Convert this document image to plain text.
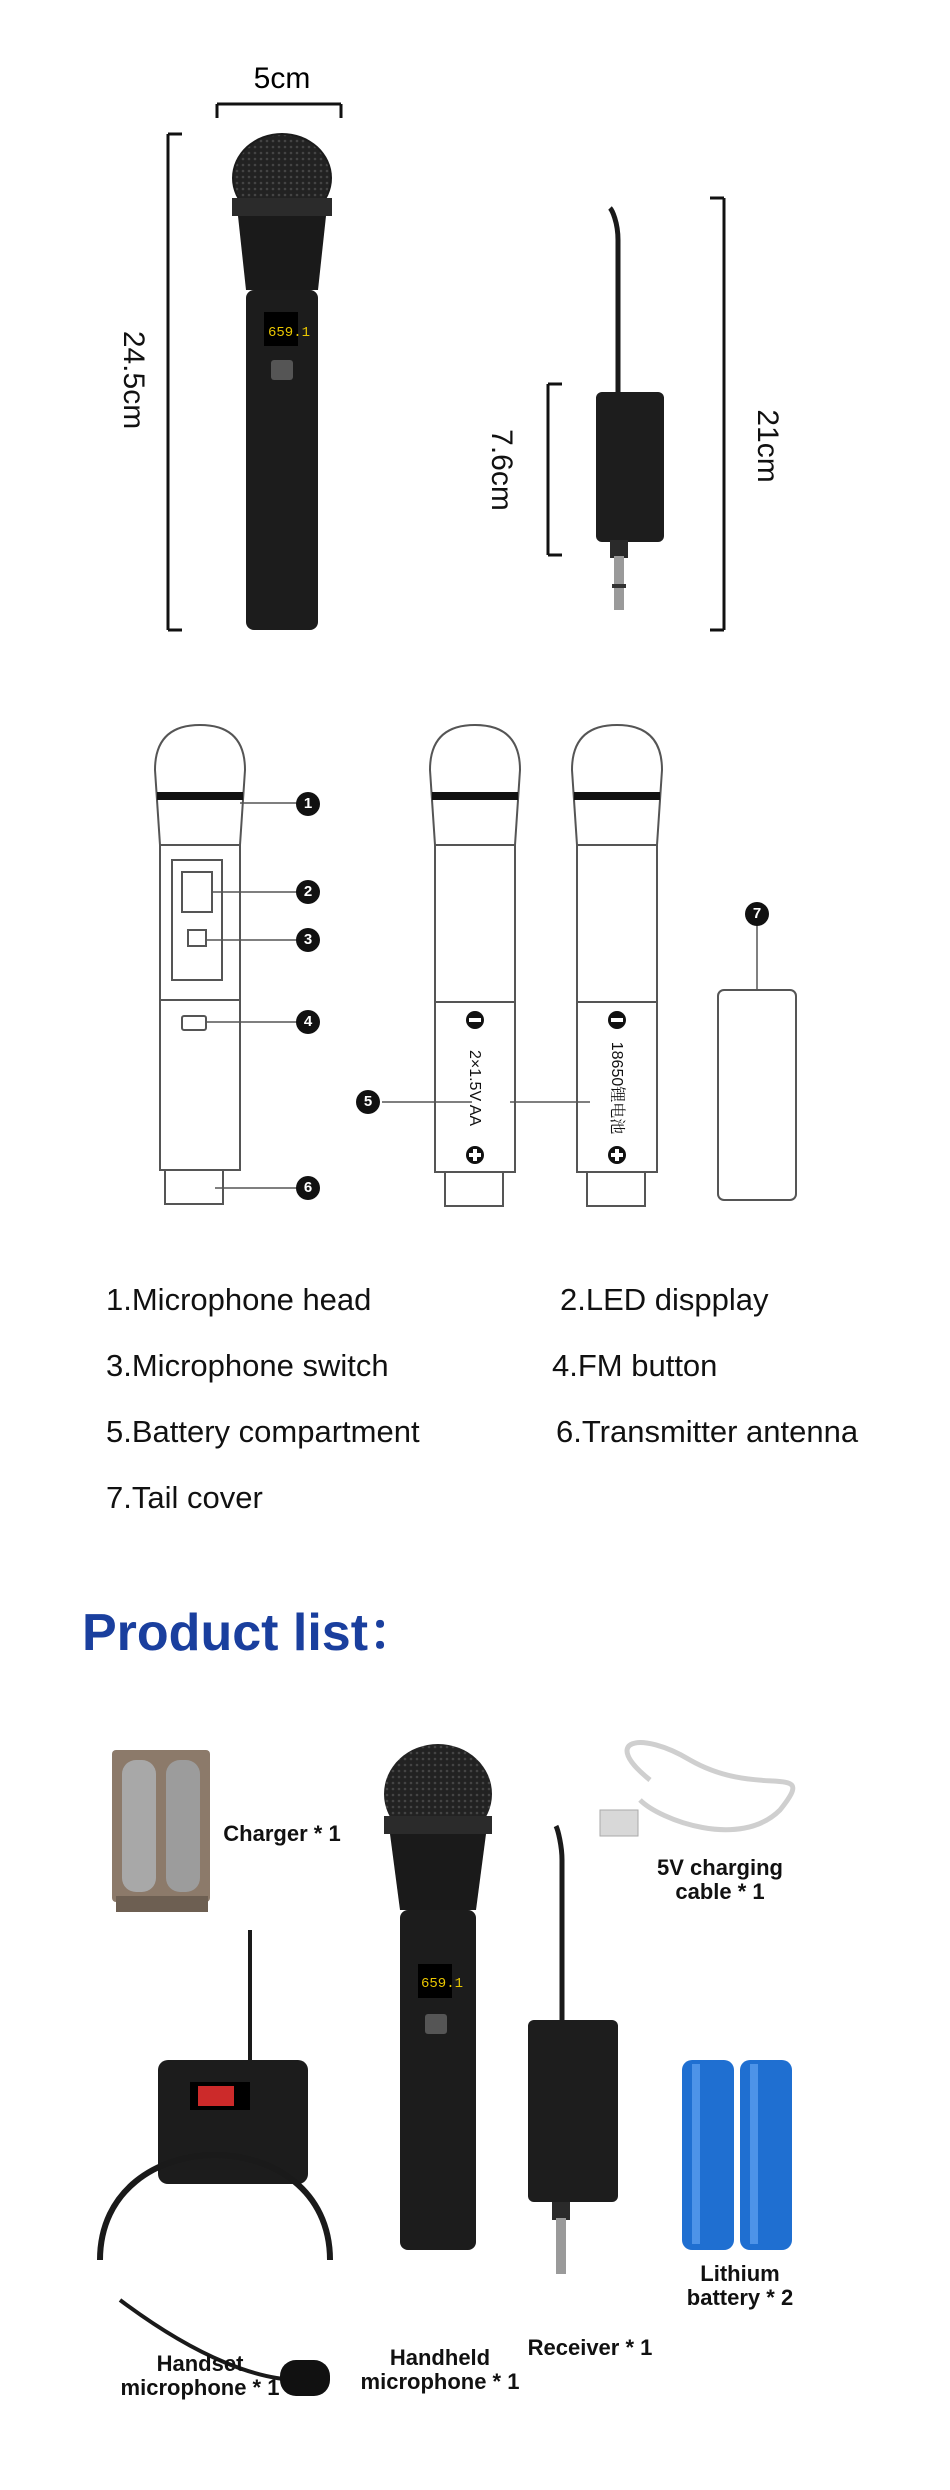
659.1
5cm
24.5cm
7.6cm	21cm
2×1.5V AA	18650锂电池
1
2
3
4
5
6
7
1.Microphone head	2.LED dispplay
3.Microphone switch	4.FM button
5.Battery compartment	6.Transmitter antenna
7.Tail cover
Product list：
659.1
Charger * 1
5V charging
cable * 1
Lithium
battery * 2
Handset
microphone * 1
Handheld
microphone * 1
Receiver * 1
